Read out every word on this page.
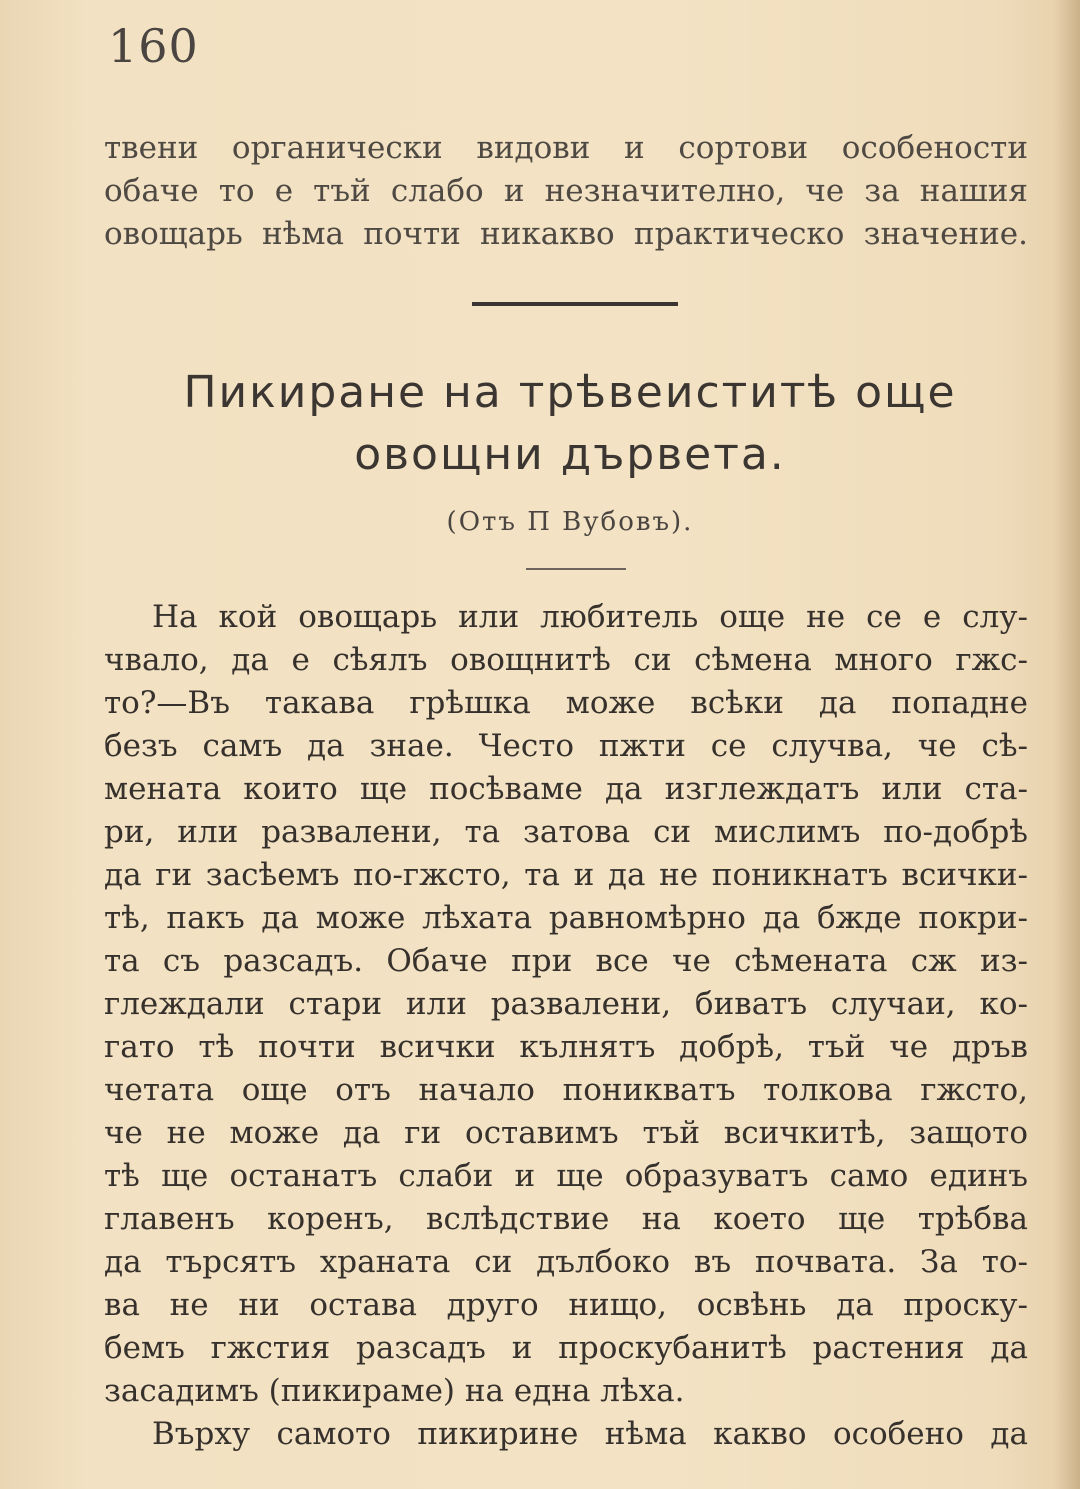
160
твени органически видови и сортови особености
обаче то е тъй слабо и незначително, че за нашия
овощарь нѣма почти никакво практическо значение.
Пикиране на трѣвеиститѣ още
овощни дървета.
(Отъ П Вубовъ).
На кой овощарь или любитель още не се е слу-
чвало, да е сѣялъ овощнитѣ си сѣмена много гжс-
то?—Въ такава грѣшка може всѣки да попадне
безъ самъ да знае. Често пжти се случва, че сѣ-
мената които ще посѣваме да изглеждатъ или ста-
ри, или развалени, та затова си мислимъ по-добрѣ
да ги засѣемъ по-гжсто, та и да не поникнатъ всички-
тѣ, пакъ да може лѣхата равномѣрно да бжде покри-
та съ разсадъ. Обаче при все че сѣмената сж из-
глеждали стари или развалени, биватъ случаи, ко-
гато тѣ почти всички кълнятъ добрѣ, тъй че дръв
четата още отъ начало поникватъ толкова гжсто,
че не може да ги оставимъ тъй всичкитѣ, защото
тѣ ще останатъ слаби и ще образуватъ само единъ
главенъ коренъ, вслѣдствие на което ще трѣбва
да търсятъ храната си дълбоко въ почвата. За то-
ва не ни остава друго нищо, освѣнь да проску-
бемъ гжстия разсадъ и проскубанитѣ растения да
засадимъ (пикираме) на една лѣха.
Върху самото пикирине нѣма какво особено да
